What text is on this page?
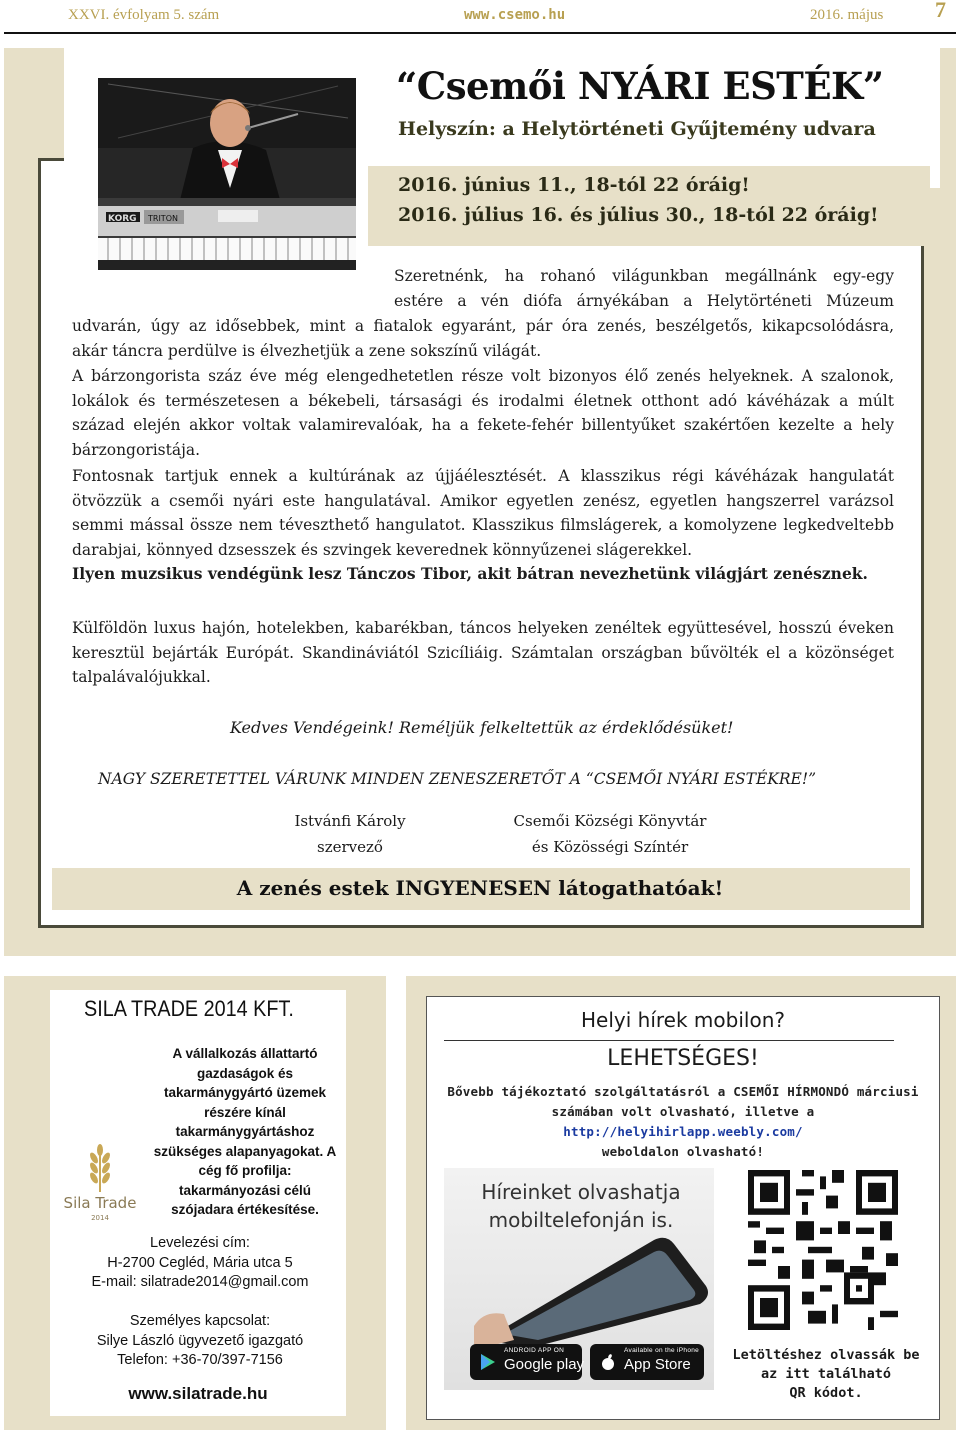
XXVI. évfolyam 5. szám	www.csemo.hu	2016. május 7
KORG TRITON
“Csemői NYÁRI ESTÉK”
Helyszín: a Helytörténeti Gyűjtemény udvara
2016. június 11., 18-tól 22 óráig!
2016. július 16. és július 30., 18-tól 22 óráig!
Szeretnénk, ha rohanó világunkban megállnánk egy-egy
estére a vén diófa árnyékában a Helytörténeti Múzeum
udvarán, úgy az idősebbek, mint a fiatalok egyaránt, pár óra zenés, beszélgetős, kikapcsolódásra,
akár táncra perdülve is élvezhetjük a zene sokszínű világát.
A bárzongorista száz éve még elengedhetetlen része volt bizonyos élő zenés helyeknek. A szalonok,
lokálok és természetesen a békebeli, társasági és irodalmi életnek otthont adó kávéházak a múlt
század elején akkor voltak valamirevalóak, ha a fekete-fehér billentyűket szakértően kezelte a hely
bárzongoristája.
Fontosnak tartjuk ennek a kultúrának az újjáélesztését. A klasszikus régi kávéházak hangulatát
ötvözzük a csemői nyári este hangulatával. Amikor egyetlen zenész, egyetlen hangszerrel varázsol
semmi mással össze nem téveszthető hangulatot. Klasszikus filmslágerek, a komolyzene legkedveltebb
darabjai, könnyed dzsesszek és szvingek keverednek könnyűzenei slágerekkel.
Ilyen muzsikus vendégünk lesz Tánczos Tibor, akit bátran nevezhetünk világjárt zenésznek.
Külföldön luxus hajón, hotelekben, kabarékban, táncos helyeken zenéltek együttesével, hosszú éveken
keresztül bejárták Európát. Skandináviától Szicíliáig. Számtalan országban bűvölték el a közönséget
talpalávalójukkal.
Kedves Vendégeink! Reméljük felkeltettük az érdeklődésüket!
NAGY SZERETETTEL VÁRUNK MINDEN ZENESZERETŐT A “CSEMŐI NYÁRI ESTÉKRE!”
Istvánfi Károly
szervező
Csemői Községi Könyvtár
és Közösségi Színtér
A zenés estek INGYENESEN látogathatóak!
SILA TRADE 2014 KFT.
A vállalkozás állattartó gazdaságok és takarmánygyártó üzemek részére kínál takarmánygyártáshoz szükséges alapanyagokat. A cég fő profilja: takarmányozási célú szójadara értékesítése.
Sila Trade
2014
Levelezési cím:
H-2700 Cegléd, Mária utca 5
E-mail: silatrade2014@gmail.com
Személyes kapcsolat:
Silye László ügyvezető igazgató
Telefon: +36-70/397-7156
www.silatrade.hu
Helyi hírek mobilon?
LEHETSÉGES!
Bővebb tájékoztató szolgáltatásról a CSEMŐI HÍRMONDÓ márciusi
számában volt olvasható, illetve a
http://helyihirlapp.weebly.com/
weboldalon olvasható!
Híreinket olvashatja
mobiltelefonján is.
ANDROID APP ON
Google play
Available on the iPhone
App Store
Letöltéshez olvassák be
az itt található
QR kódot.
